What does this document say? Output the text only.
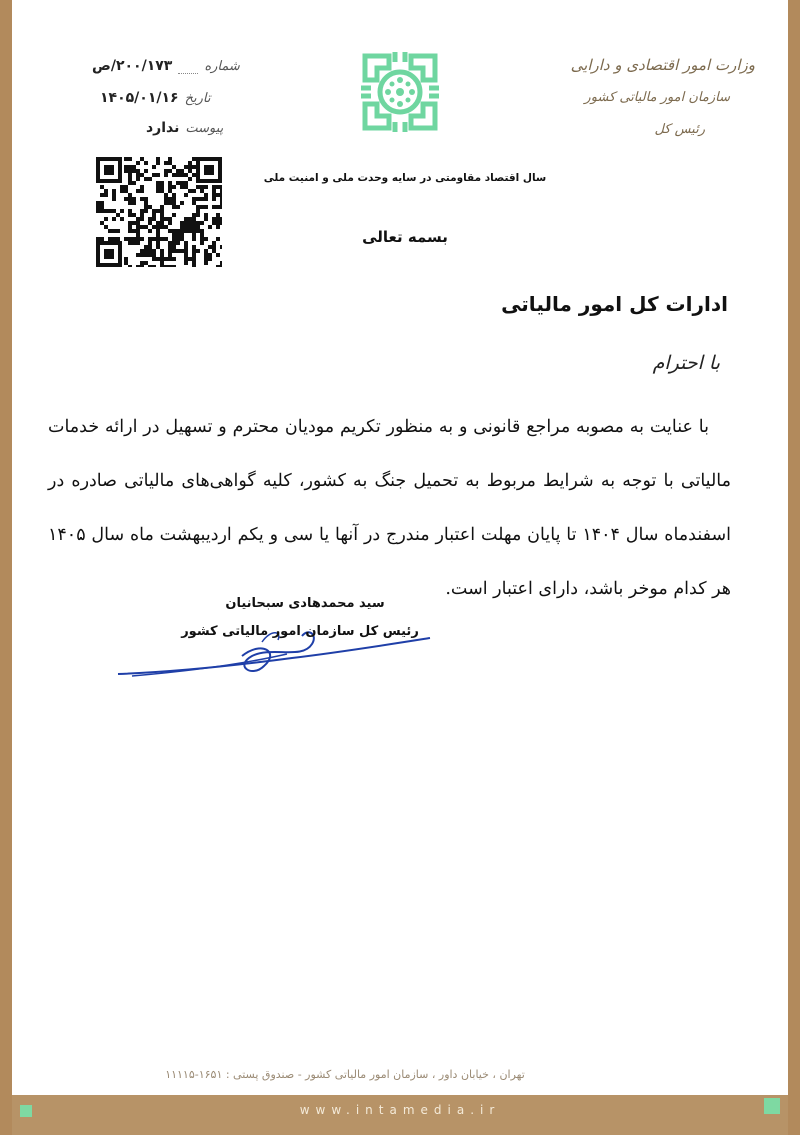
وزارت امور اقتصادی و دارایی
سازمان امور مالیاتی کشور
رئیس کل
شماره
۲۰۰/۱۷۳/ص
تاریخ
۱۴۰۵/۰۱/۱۶
پیوست
ندارد
سال اقتصاد مقاومتی در سایه وحدت ملی و امنیت ملی
بسمه تعالی
ادارات کل امور مالیاتی
با احترام
با عنایت به مصوبه مراجع قانونی و به منظور تکریم مودیان محترم و تسهیل در ارائه خدمات مالیاتی با توجه به شرایط مربوط به تحمیل جنگ به کشور، کلیه گواهی‌های مالیاتی صادره در اسفندماه سال ۱۴۰۴ تا پایان مهلت اعتبار مندرج در آنها یا سی و یکم اردیبهشت ماه سال ۱۴۰۵ هر کدام موخر باشد، دارای اعتبار است.
سید محمدهادی سبحانیان
رئیس کل سازمان امور مالیاتی کشور
تهران ، خیابان داور ، سازمان امور مالیاتی کشور - صندوق پستی : ۱۶۵۱-۱۱۱۱۵
www.intamedia.ir
